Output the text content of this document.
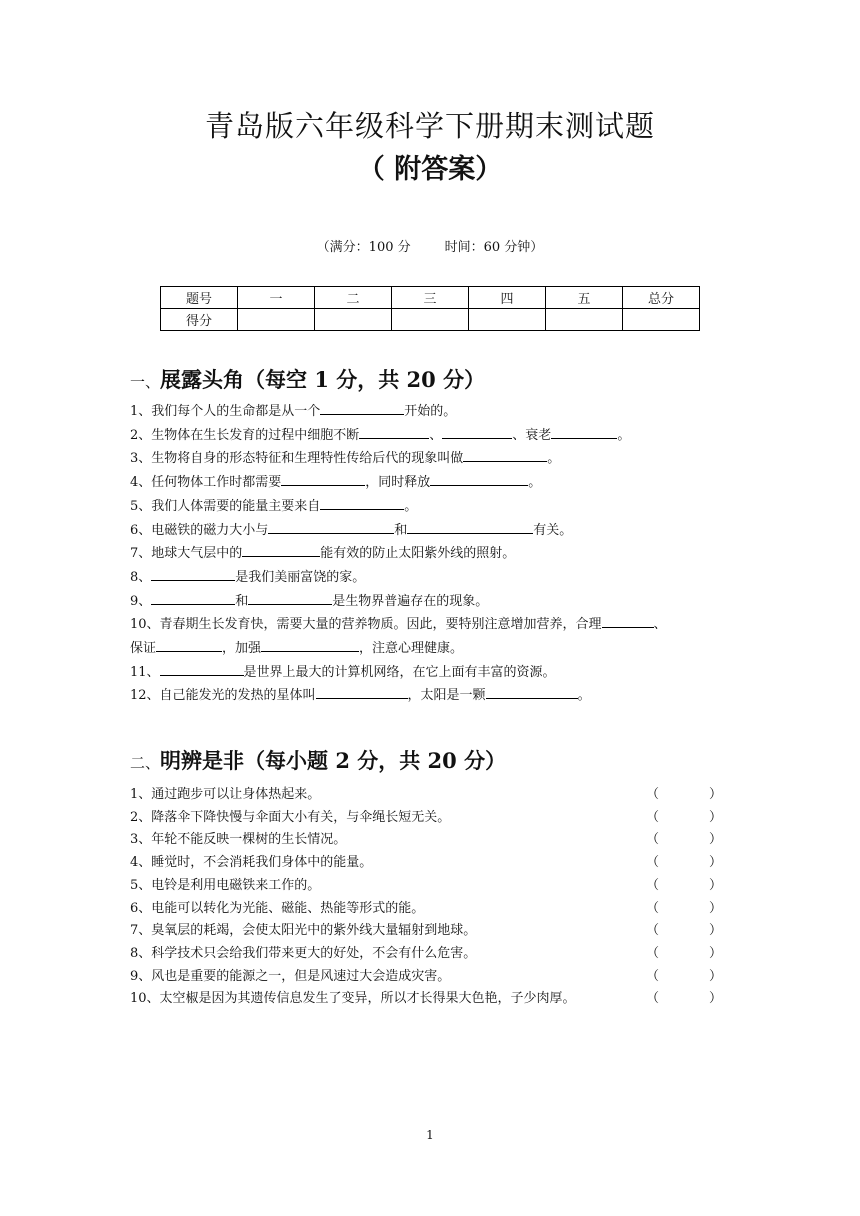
青岛版六年级科学下册期末测试题
（ 附答案）
（满分：100 分	时间：60 分钟）
题号	一	二	三	四	五	总分
得分						
一、展露头角（每空 1 分，共 20 分）
1、我们每个人的生命都是从一个	开始的。
2、生物体在生长发育的过程中细胞不断	、	、衰老	。
3、生物将自身的形态特征和生理特性传给后代的现象叫做	。
4、任何物体工作时都需要	，同时释放	。
5、我们人体需要的能量主要来自	。
6、电磁铁的磁力大小与	和	有关。
7、地球大气层中的	能有效的防止太阳紫外线的照射。
8、	是我们美丽富饶的家。
9、	和	是生物界普遍存在的现象。
10、青春期生长发育快，需要大量的营养物质。因此，要特别注意增加营养，合理	、
保证	，加强	，注意心理健康。
11、	是世界上最大的计算机网络，在它上面有丰富的资源。
12、自己能发光的发热的星体叫	，太阳是一颗	。
二、明辨是非（每小题 2 分，共 20 分）
1、通过跑步可以让身体热起来。	（	）
2、降落伞下降快慢与伞面大小有关，与伞绳长短无关。	（	）
3、年轮不能反映一棵树的生长情况。	（	）
4、睡觉时，不会消耗我们身体中的能量。	（	）
5、电铃是利用电磁铁来工作的。	（	）
6、电能可以转化为光能、磁能、热能等形式的能。	（	）
7、臭氧层的耗竭，会使太阳光中的紫外线大量辐射到地球。	（	）
8、科学技术只会给我们带来更大的好处，不会有什么危害。	（	）
9、风也是重要的能源之一，但是风速过大会造成灾害。	（	）
10、太空椒是因为其遗传信息发生了变异，所以才长得果大色艳，子少肉厚。	（	）
1
